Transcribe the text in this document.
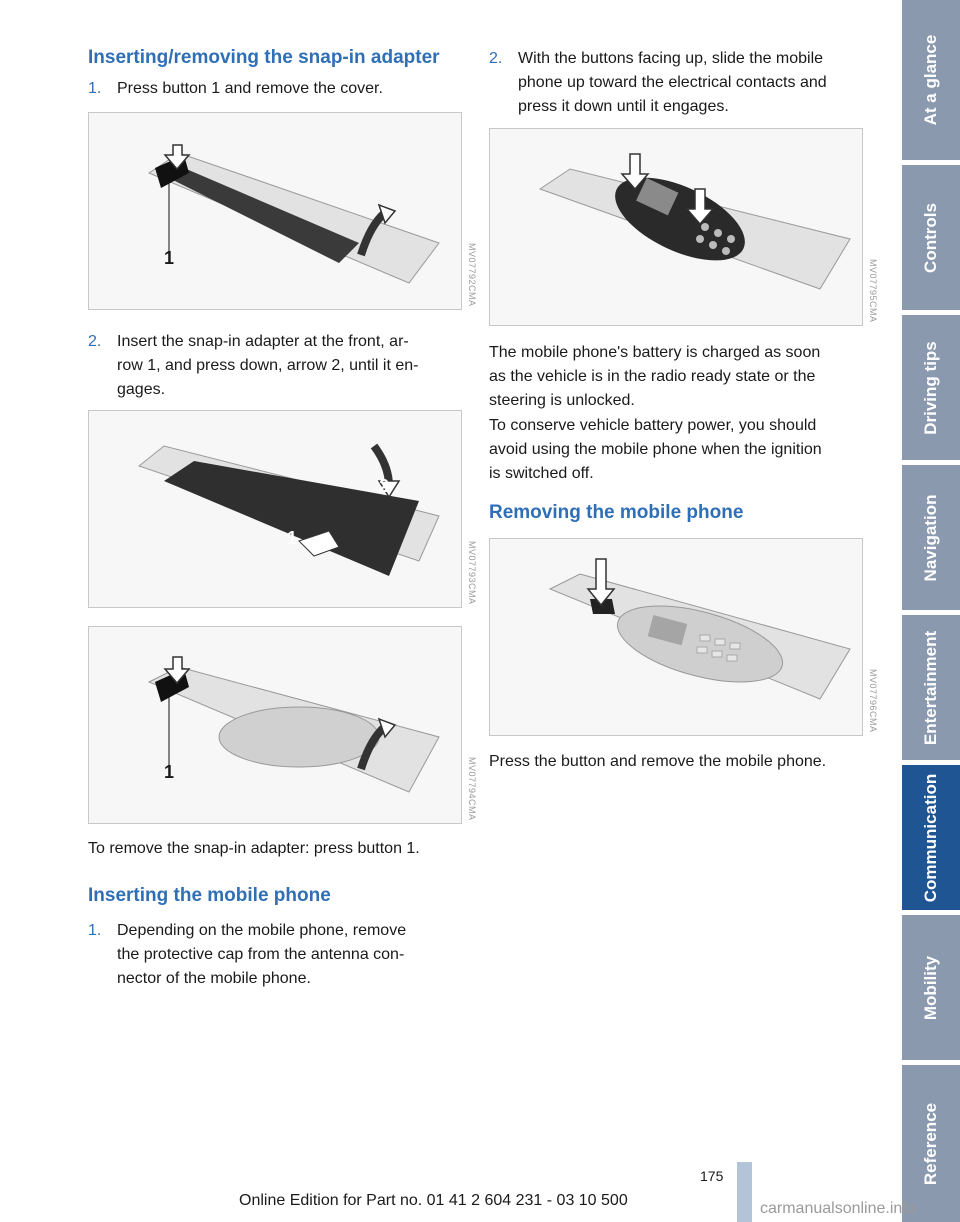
Inserting/removing the snap-in adapter
1. Press button 1 and remove the cover.
1	MV07792CMA
2. Insert the snap-in adapter at the front, ar-
row 1, and press down, arrow 2, until it en-
gages.
2
1
MV07793CMA
1	MV07794CMA
To remove the snap-in adapter: press button 1.
Inserting the mobile phone
1. Depending on the mobile phone, remove
the protective cap from the antenna con-
nector of the mobile phone.
2. With the buttons facing up, slide the mobile
phone up toward the electrical contacts and
press it down until it engages.
MV07795CMA
The mobile phone's battery is charged as soon
as the vehicle is in the radio ready state or the
steering is unlocked.
To conserve vehicle battery power, you should
avoid using the mobile phone when the ignition
is switched off.
Removing the mobile phone
MV07796CMA
Press the button and remove the mobile phone.
At a glance
Controls
Driving tips
Navigation
Entertainment
Communication
Mobility
Reference
175
Online Edition for Part no. 01 41 2 604 231 - 03 10 500	carmanualsonline.info
